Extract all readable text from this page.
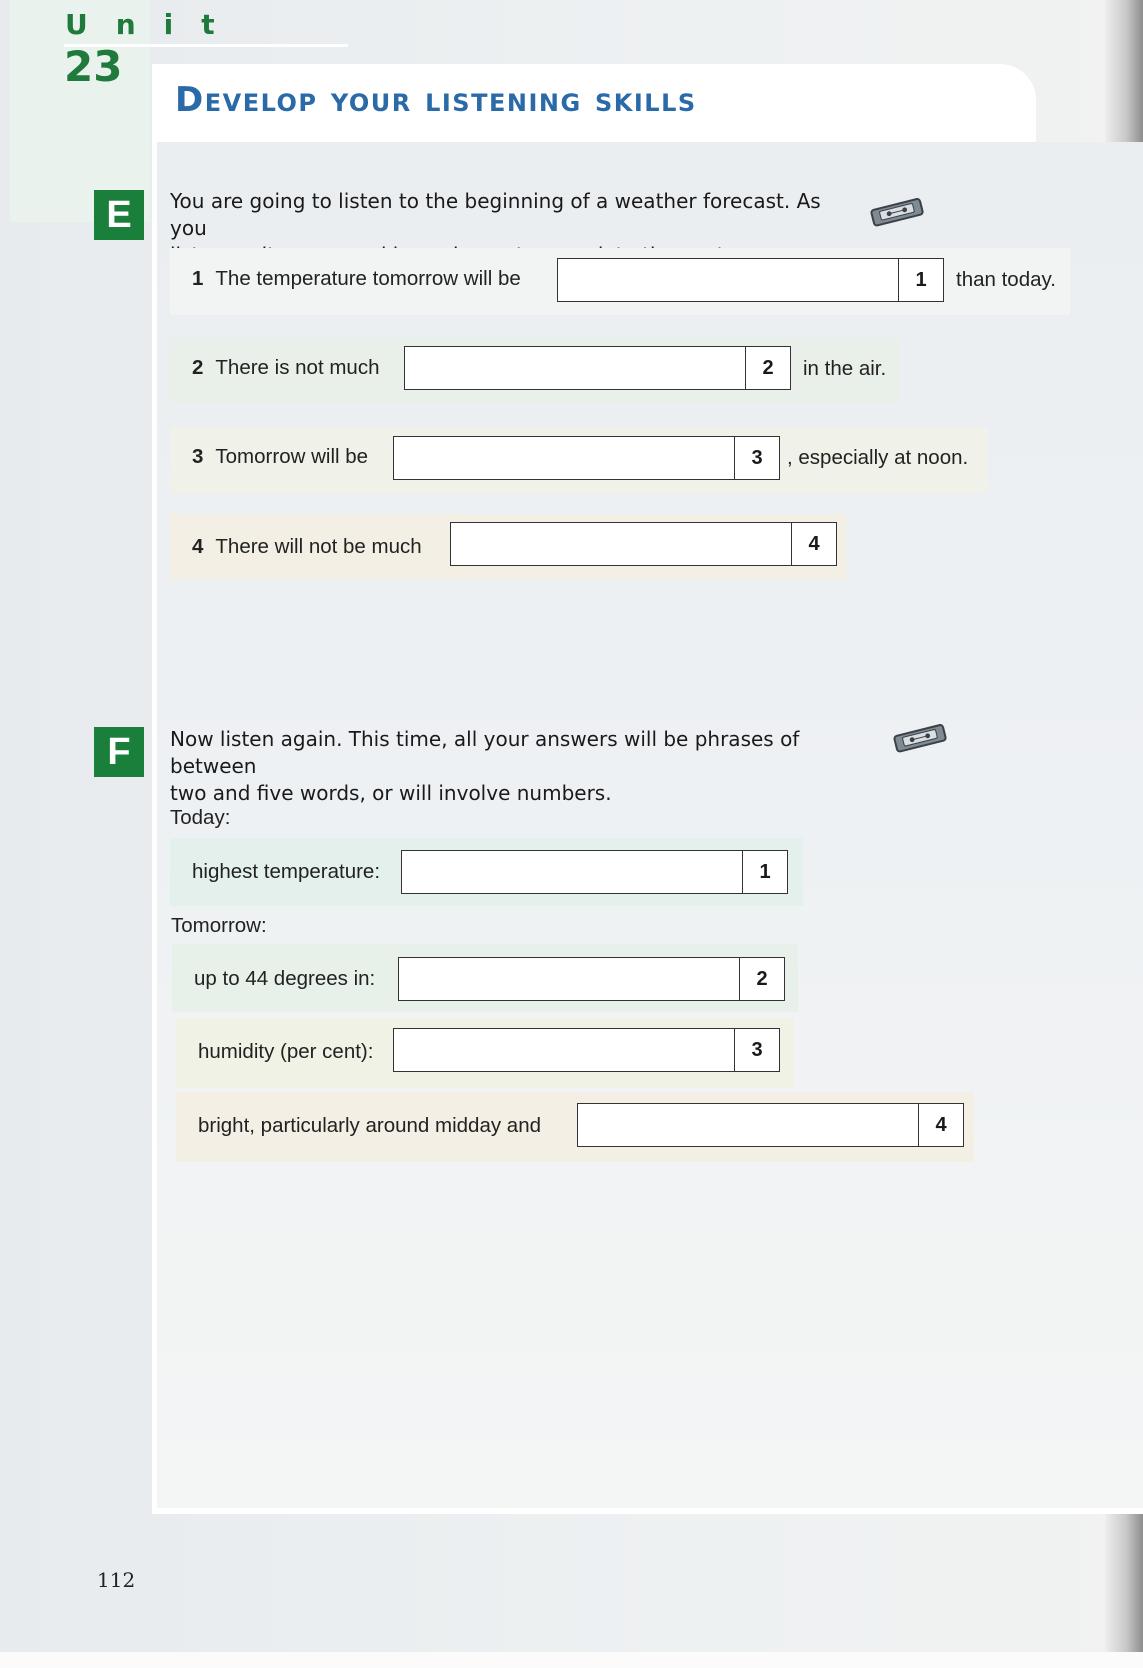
Unit
23
Develop your listening skills
E	You are going to listen to the beginning of a weather forecast. As you
1 The temperature tomorrow will be	1	than today.
2 There is not much	2	in the air.
3 Tomorrow will be	3	, especially at noon.
4 There will not be much	4
F	Now listen again. This time, all your answers will be phrases of between
two and five words, or will involve numbers.
Today:
highest temperature:	1
Tomorrow:
up to 44 degrees in:	2
humidity (per cent):	3
bright, particularly around midday and	4
112
